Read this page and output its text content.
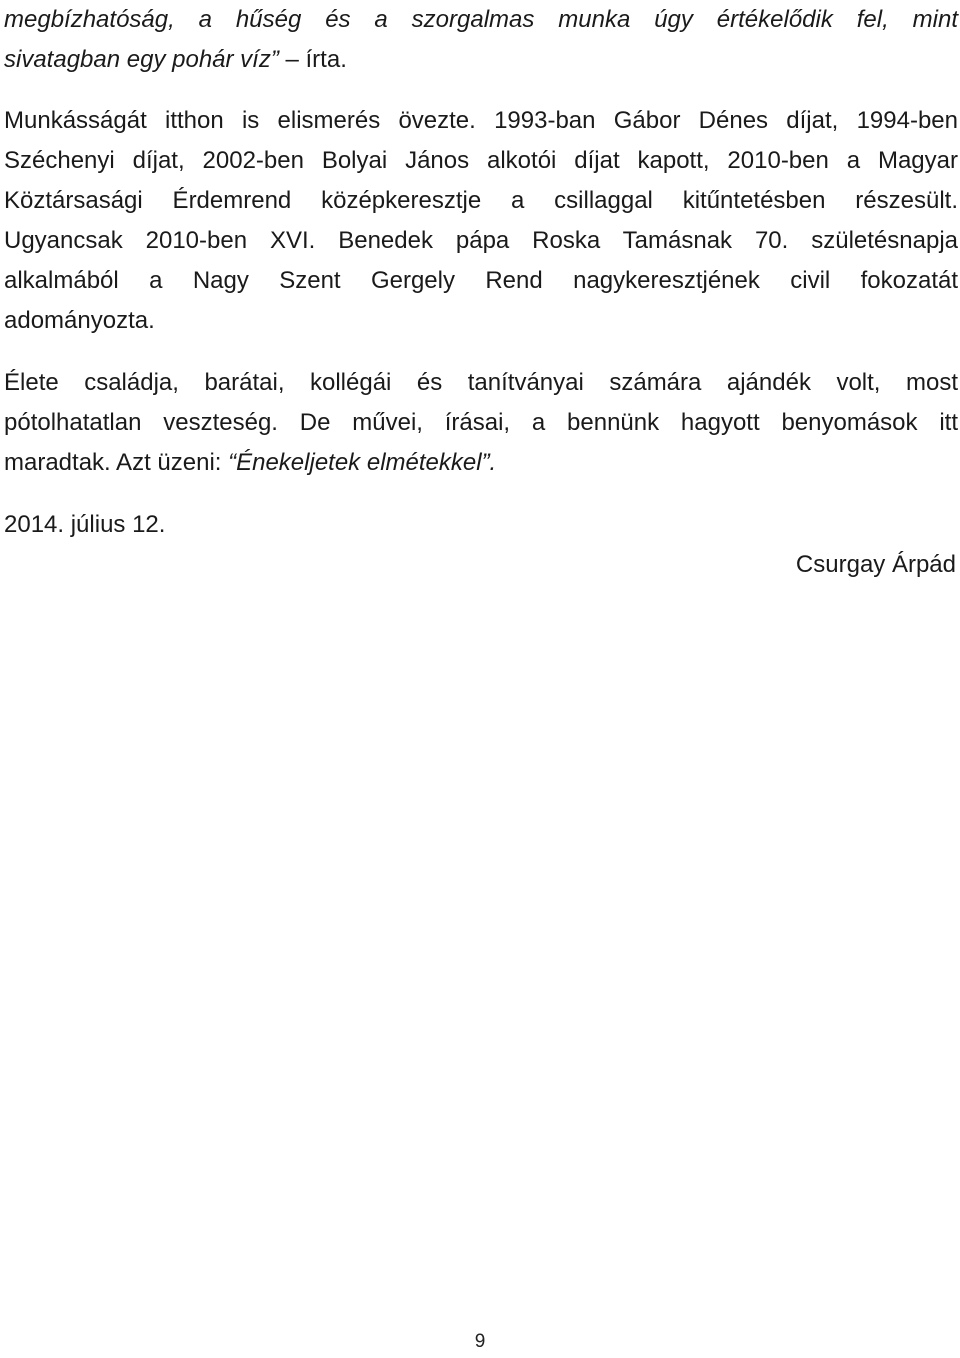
megbízhatóság, a hűség és a szorgalmas munka úgy értékelődik fel, mint
sivatagban egy pohár víz” – írta.
Munkásságát itthon is elismerés övezte. 1993-ban Gábor Dénes díjat, 1994-ben
Széchenyi díjat, 2002-ben Bolyai János alkotói díjat kapott, 2010-ben a Magyar
Köztársasági Érdemrend középkeresztje a csillaggal kitűntetésben részesült.
Ugyancsak 2010-ben XVI. Benedek pápa Roska Tamásnak 70. születésnapja
alkalmából a Nagy Szent Gergely Rend nagykeresztjének civil fokozatát
adományozta.
Élete családja, barátai, kollégái és tanítványai számára ajándék volt, most
pótolhatatlan veszteség. De művei, írásai, a bennünk hagyott benyomások itt
maradtak. Azt üzeni: “Énekeljetek elmétekkel”.
2014. július 12.
Csurgay Árpád
9
